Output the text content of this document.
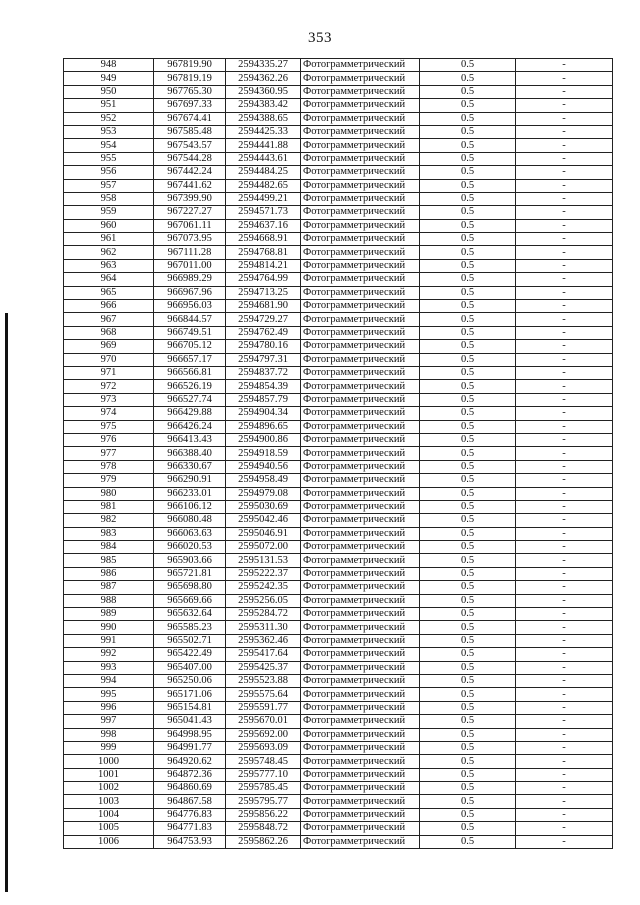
353
948	967819.90	2594335.27	Фотограмметрический	0.5	-
949	967819.19	2594362.26	Фотограмметрический	0.5	-
950	967765.30	2594360.95	Фотограмметрический	0.5	-
951	967697.33	2594383.42	Фотограмметрический	0.5	-
952	967674.41	2594388.65	Фотограмметрический	0.5	-
953	967585.48	2594425.33	Фотограмметрический	0.5	-
954	967543.57	2594441.88	Фотограмметрический	0.5	-
955	967544.28	2594443.61	Фотограмметрический	0.5	-
956	967442.24	2594484.25	Фотограмметрический	0.5	-
957	967441.62	2594482.65	Фотограмметрический	0.5	-
958	967399.90	2594499.21	Фотограмметрический	0.5	-
959	967227.27	2594571.73	Фотограмметрический	0.5	-
960	967061.11	2594637.16	Фотограмметрический	0.5	-
961	967073.95	2594668.91	Фотограмметрический	0.5	-
962	967111.28	2594768.81	Фотограмметрический	0.5	-
963	967011.00	2594814.21	Фотограмметрический	0.5	-
964	966989.29	2594764.99	Фотограмметрический	0.5	-
965	966967.96	2594713.25	Фотограмметрический	0.5	-
966	966956.03	2594681.90	Фотограмметрический	0.5	-
967	966844.57	2594729.27	Фотограмметрический	0.5	-
968	966749.51	2594762.49	Фотограмметрический	0.5	-
969	966705.12	2594780.16	Фотограмметрический	0.5	-
970	966657.17	2594797.31	Фотограмметрический	0.5	-
971	966566.81	2594837.72	Фотограмметрический	0.5	-
972	966526.19	2594854.39	Фотограмметрический	0.5	-
973	966527.74	2594857.79	Фотограмметрический	0.5	-
974	966429.88	2594904.34	Фотограмметрический	0.5	-
975	966426.24	2594896.65	Фотограмметрический	0.5	-
976	966413.43	2594900.86	Фотограмметрический	0.5	-
977	966388.40	2594918.59	Фотограмметрический	0.5	-
978	966330.67	2594940.56	Фотограмметрический	0.5	-
979	966290.91	2594958.49	Фотограмметрический	0.5	-
980	966233.01	2594979.08	Фотограмметрический	0.5	-
981	966106.12	2595030.69	Фотограмметрический	0.5	-
982	966080.48	2595042.46	Фотограмметрический	0.5	-
983	966063.63	2595046.91	Фотограмметрический	0.5	-
984	966020.53	2595072.00	Фотограмметрический	0.5	-
985	965903.66	2595131.53	Фотограмметрический	0.5	-
986	965721.81	2595222.37	Фотограмметрический	0.5	-
987	965698.80	2595242.35	Фотограмметрический	0.5	-
988	965669.66	2595256.05	Фотограмметрический	0.5	-
989	965632.64	2595284.72	Фотограмметрический	0.5	-
990	965585.23	2595311.30	Фотограмметрический	0.5	-
991	965502.71	2595362.46	Фотограмметрический	0.5	-
992	965422.49	2595417.64	Фотограмметрический	0.5	-
993	965407.00	2595425.37	Фотограмметрический	0.5	-
994	965250.06	2595523.88	Фотограмметрический	0.5	-
995	965171.06	2595575.64	Фотограмметрический	0.5	-
996	965154.81	2595591.77	Фотограмметрический	0.5	-
997	965041.43	2595670.01	Фотограмметрический	0.5	-
998	964998.95	2595692.00	Фотограмметрический	0.5	-
999	964991.77	2595693.09	Фотограмметрический	0.5	-
1000	964920.62	2595748.45	Фотограмметрический	0.5	-
1001	964872.36	2595777.10	Фотограмметрический	0.5	-
1002	964860.69	2595785.45	Фотограмметрический	0.5	-
1003	964867.58	2595795.77	Фотограмметрический	0.5	-
1004	964776.83	2595856.22	Фотограмметрический	0.5	-
1005	964771.83	2595848.72	Фотограмметрический	0.5	-
1006	964753.93	2595862.26	Фотограмметрический	0.5	-
